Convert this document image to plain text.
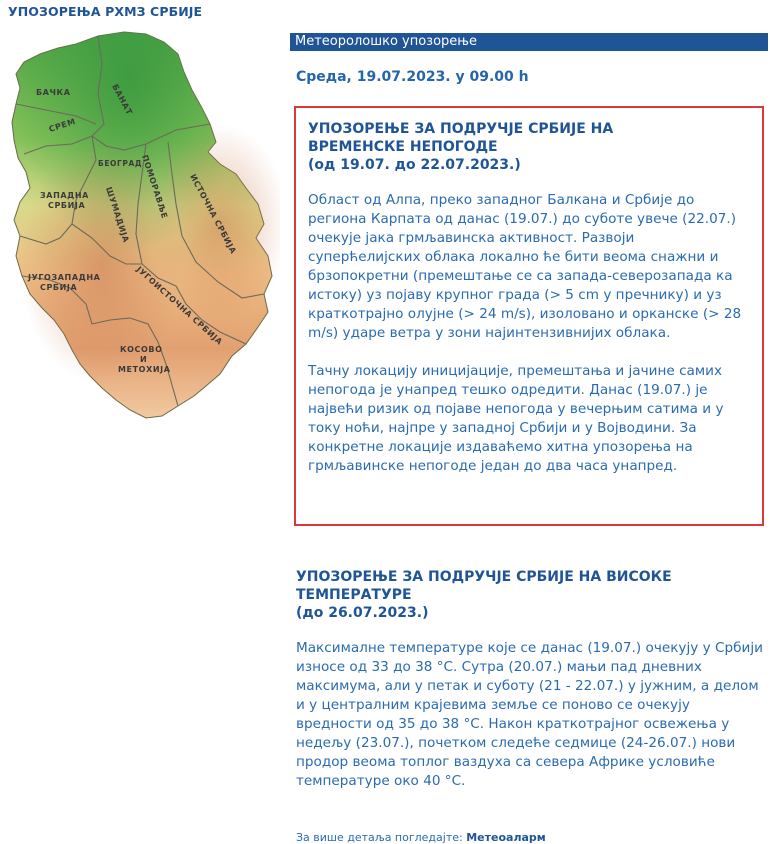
УПОЗОРЕЊА РХМЗ СРБИЈЕ
БАЧКА	БАНАТ
СРЕМ
БЕОГРАД
ЗАПАДНА
СРБИЈА ШУМАДИЈА ПОМОРАВЉЕ ИСТОЧНА СРБИЈА
ЈУГОЗАПАДНА
СРБИЈА	ЈУГОИСТОЧНА СРБИЈА
КОСОВО
И
МЕТОХИЈА
Метеоролошко упозорење
Среда, 19.07.2023. у 09.00 h

УПОЗОРЕЊЕ ЗА ПОДРУЧЈЕ СРБИЈЕ НА

ВРЕМЕНСКЕ НЕПОГОДЕ

(од 19.07. до 22.07.2023.)

Област од Алпа, преко западног Балкана и Србије до региона Карпата од данас (19.07.) до суботе увече (22.07.) очекује јака грмљавинска активност. Развоји суперћелијских облака локално ће бити веома снажни и брзопокретни (премештање се са запада-северозапада ка истоку) уз појаву крупног града (> 5 cm у пречнику) и уз краткотрајно олујне (> 24 m/s), изоловано и орканске (> 28 m/s) ударе ветра у зони најинтензивнијих облака.

Тачну локацију иницијације, премештања и јачине самих непогода је унапред тешко одредити. Данас (19.07.) је највећи ризик од појаве непогода у вечерњим сатима и у току ноћи, најпре у западној Србији и у Војводини. За конкретне локације издаваћемо хитна упозорења на грмљавинске непогоде један до два часа унапред.

УПОЗОРЕЊЕ ЗА ПОДРУЧЈЕ СРБИЈЕ НА ВИСОКЕ

ТЕМПЕРАТУРЕ

(до 26.07.2023.)

Максималне температуре које се данас (19.07.) очекују у Србији износе од 33 до 38 °C. Сутра (20.07.) мањи пад дневних максимума, али у петак и суботу (21 - 22.07.) у јужним, а делом и у централним крајевима земље се поново се очекују вредности од 35 до 38 °C. Након краткотрајног освежења у недељу (23.07.), почетком следеће седмице (24-26.07.) нови продор веома топлог ваздуха са севера Африке условиће температуре око 40 °C.

За више детаља погледајте: Метеоаларм
